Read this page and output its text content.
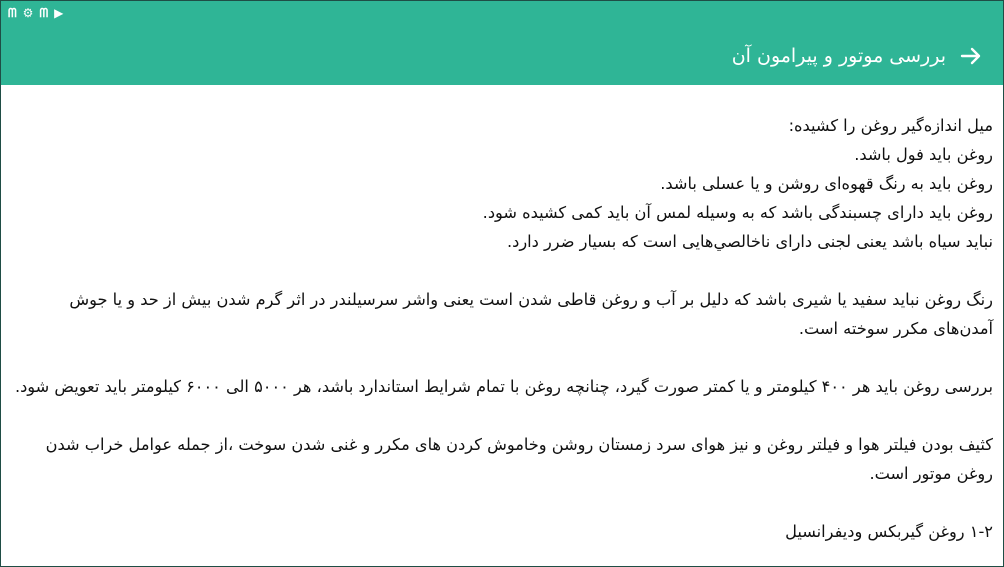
ᗰ ⚙ ᗰ ▶
بررسی موتور و پیرامون آن

میل اندازه‌گیر روغن را کشیده:

روغن باید فول باشد.

روغن باید به رنگ قهوه‌ای روشن و یا عسلی باشد.

روغن باید دارای چسبندگی باشد که به وسیله لمس آن باید کمی کشیده شود.

نباید سیاه باشد یعنی لجنی دارای ناخالصي‌هایی است که بسیار ضرر دارد.

رنگ روغن نباید سفید یا شیری باشد که دلیل بر آب و روغن قاطی شدن است یعنی واشر سرسیلندر در اثر گرم شدن بیش از حد و یا جوش آمدن‌های مکرر سوخته است.

بررسی روغن باید هر ۴۰۰ کیلومتر و یا کمتر صورت گیرد، چنانچه روغن با تمام شرایط استاندارد باشد، هر ۵۰۰۰ الی ۶۰۰۰ کیلومتر باید تعویض شود.

کثیف بودن فیلتر هوا و فیلتر روغن و نیز هوای سرد زمستان روشن وخاموش کردن های مکرر و غنی شدن سوخت ،از جمله عوامل خراب شدن روغن موتور است.

۱-۲ روغن گیربکس ودیفرانسیل
